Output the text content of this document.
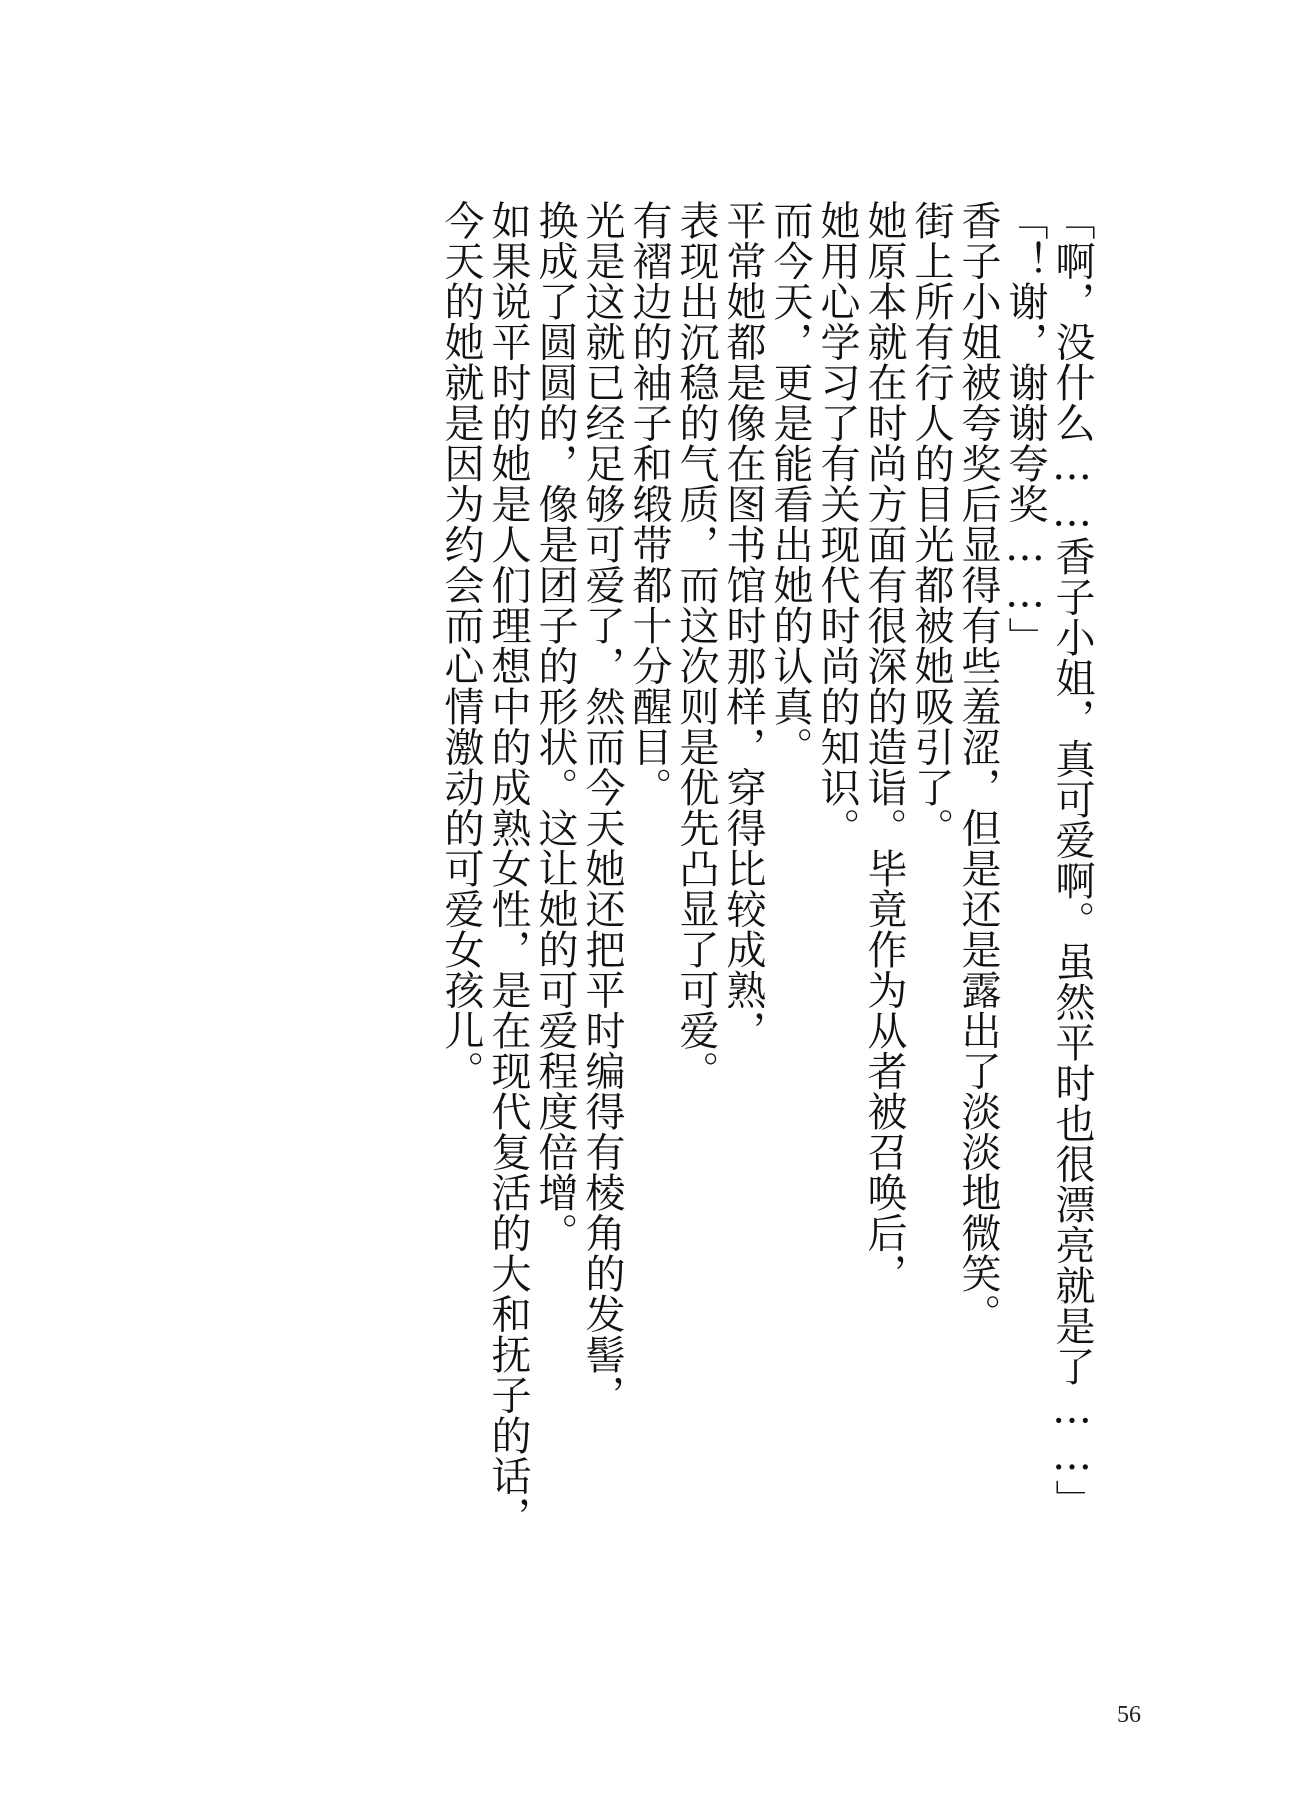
「啊，没什么……香子小姐，真可爱啊。虽然平时也很漂亮就是了……」
「！谢，谢谢夸奖……」
香子小姐被夸奖后显得有些羞涩，但是还是露出了淡淡地微笑。
街上所有行人的目光都被她吸引了。
她原本就在时尚方面有很深的造诣。毕竟作为从者被召唤后，
她用心学习了有关现代时尚的知识。
而今天，更是能看出她的认真。
平常她都是像在图书馆时那样，穿得比较成熟，
表现出沉稳的气质，而这次则是优先凸显了可爱。
有褶边的袖子和缎带都十分醒目。
光是这就已经足够可爱了，然而今天她还把平时编得有棱角的发髻，
换成了圆圆的，像是团子的形状。这让她的可爱程度倍增。
如果说平时的她是人们理想中的成熟女性，是在现代复活的大和抚子的话，
今天的她就是因为约会而心情激动的可爱女孩儿。
56
